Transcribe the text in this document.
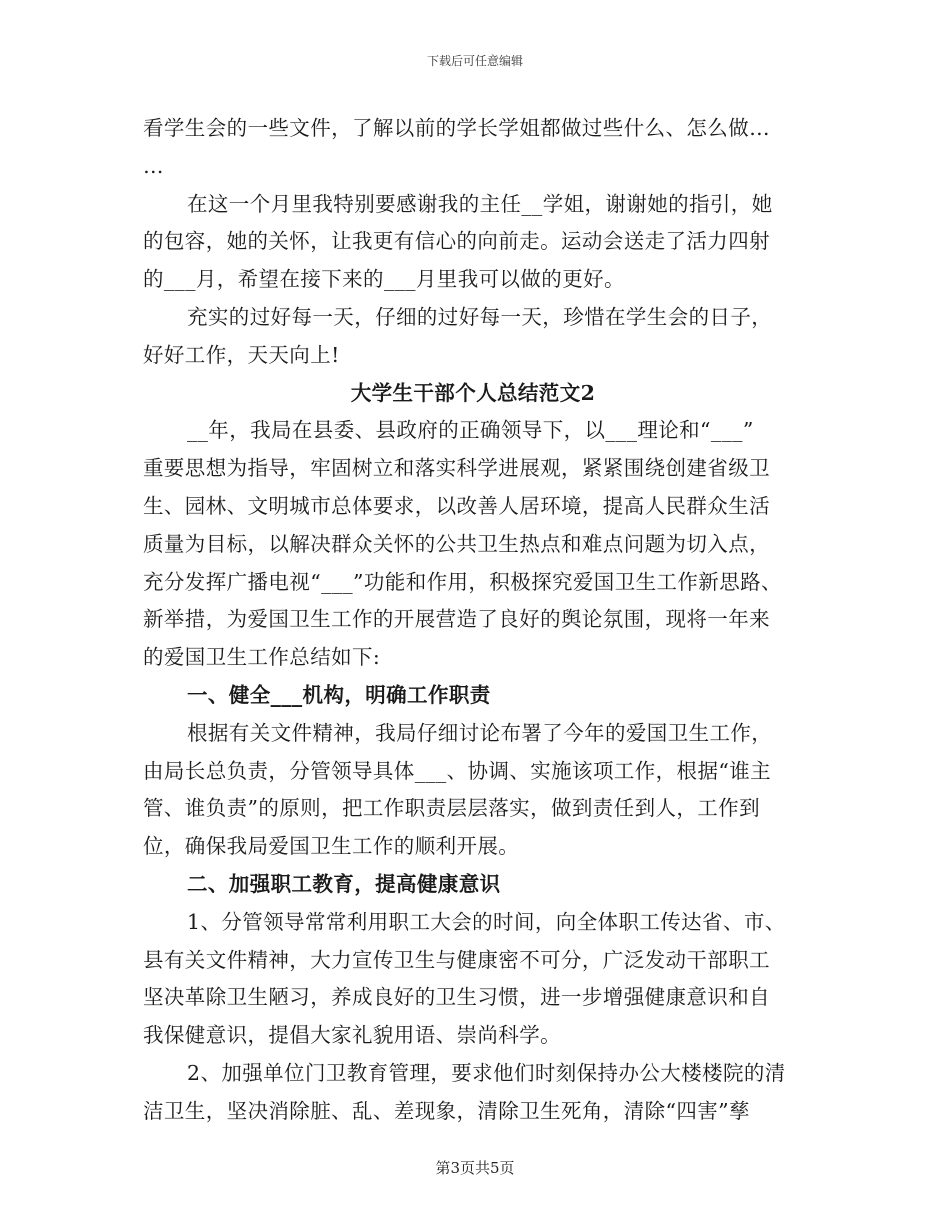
下载后可任意编辑
看学生会的一些文件，了解以前的学长学姐都做过些什么、怎么做…
…
在这一个月里我特别要感谢我的主任__学姐，谢谢她的指引，她
的包容，她的关怀，让我更有信心的向前走。运动会送走了活力四射
的___月，希望在接下来的___月里我可以做的更好。
充实的过好每一天，仔细的过好每一天，珍惜在学生会的日子，
好好工作，天天向上!
大学生干部个人总结范文2
__年，我局在县委、县政府的正确领导下，以___理论和“___”
重要思想为指导，牢固树立和落实科学进展观，紧紧围绕创建省级卫
生、园林、文明城市总体要求，以改善人居环境，提高人民群众生活
质量为目标，以解决群众关怀的公共卫生热点和难点问题为切入点，
充分发挥广播电视“___”功能和作用，积极探究爱国卫生工作新思路、
新举措，为爱国卫生工作的开展营造了良好的舆论氛围，现将一年来
的爱国卫生工作总结如下:
一、健全___机构，明确工作职责
根据有关文件精神，我局仔细讨论布署了今年的爱国卫生工作，
由局长总负责，分管领导具体___、协调、实施该项工作，根据“谁主
管、谁负责”的原则，把工作职责层层落实，做到责任到人，工作到
位，确保我局爱国卫生工作的顺利开展。
二、加强职工教育，提高健康意识
1、分管领导常常利用职工大会的时间，向全体职工传达省、市、
县有关文件精神，大力宣传卫生与健康密不可分，广泛发动干部职工
坚决革除卫生陋习，养成良好的卫生习惯，进一步增强健康意识和自
我保健意识，提倡大家礼貌用语、崇尚科学。
2、加强单位门卫教育管理，要求他们时刻保持办公大楼楼院的清
洁卫生，坚决消除脏、乱、差现象，清除卫生死角，清除“四害”孳
第3页共5页
